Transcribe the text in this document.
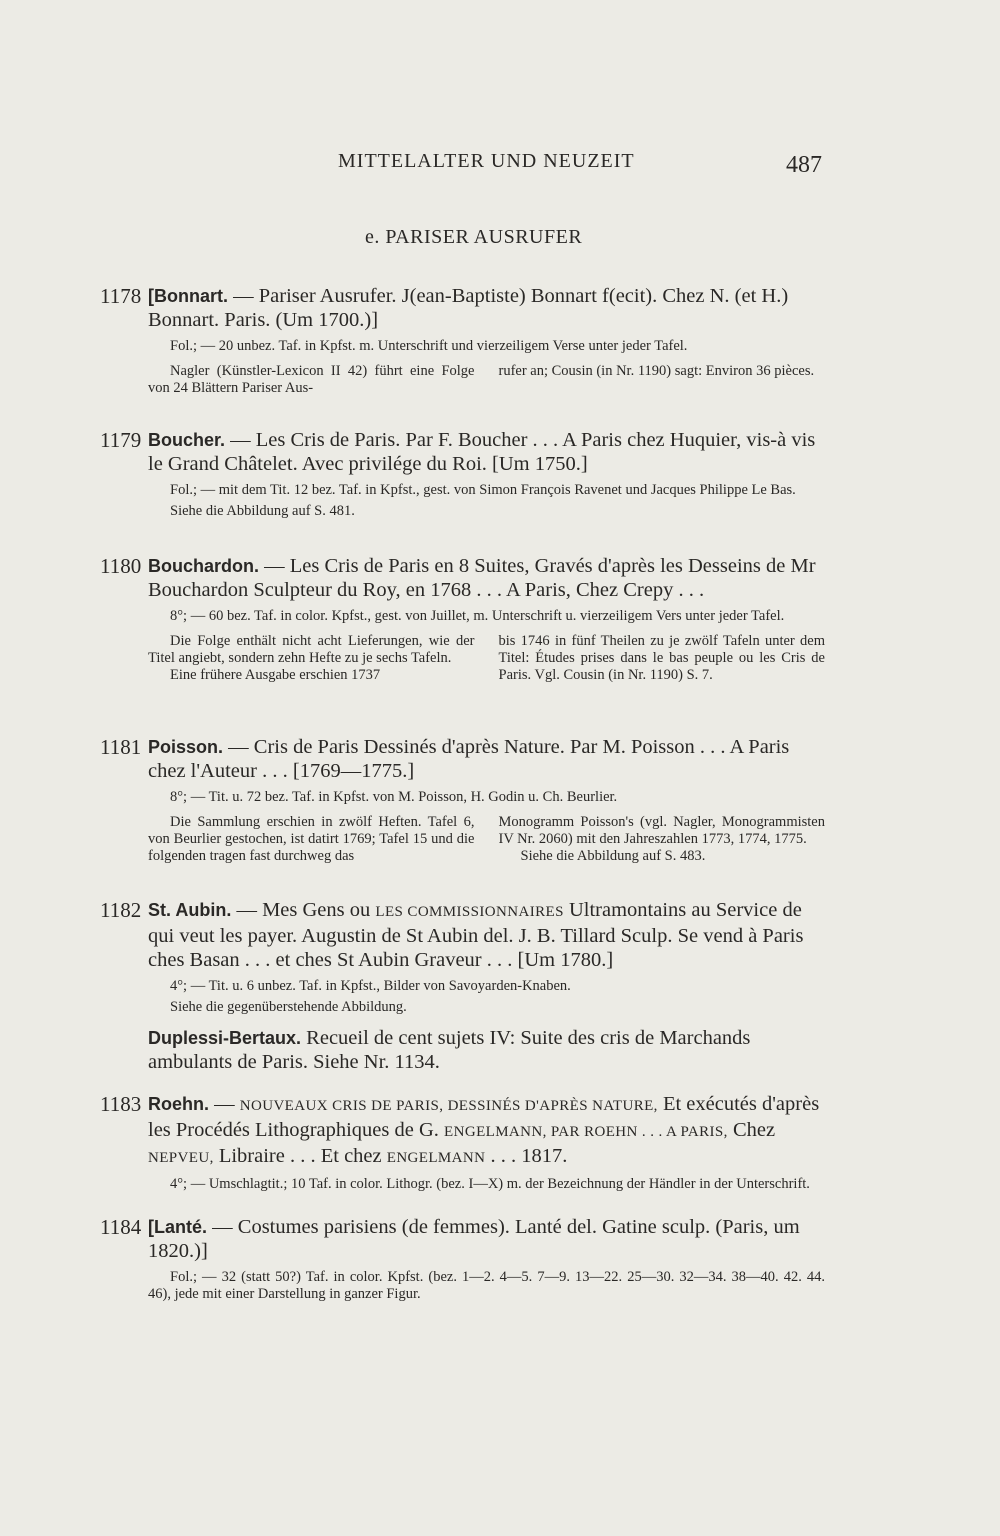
MITTELALTER UND NEUZEIT	487
e. PARISER AUSRUFER
1178 [Bonnart. — Pariser Ausrufer. J(ean-Baptiste) Bonnart f(ecit). Chez N. (et H.) Bonnart. Paris. (Um 1700.)]
Fol.; — 20 unbez. Taf. in Kpfst. m. Unterschrift und vierzeiligem Verse unter jeder Tafel.
Nagler (Künstler-Lexicon II 42) führt eine Folge von 24 Blättern Pariser Aus-
rufer an; Cousin (in Nr. 1190) sagt: Environ 36 pièces.
1179 Boucher. — Les Cris de Paris. Par F. Boucher . . . A Paris chez Huquier, vis-à vis le Grand Châtelet. Avec privilége du Roi. [Um 1750.]
Fol.; — mit dem Tit. 12 bez. Taf. in Kpfst., gest. von Simon François Ravenet und Jacques Philippe Le Bas.
Siehe die Abbildung auf S. 481.
1180 Bouchardon. — Les Cris de Paris en 8 Suites, Gravés d'après les Desseins de Mr Bouchardon Sculpteur du Roy, en 1768 . . . A Paris, Chez Crepy . . .
8°; — 60 bez. Taf. in color. Kpfst., gest. von Juillet, m. Unterschrift u. vierzeiligem Vers unter jeder Tafel.
Die Folge enthält nicht acht Lieferungen, wie der Titel angiebt, sondern zehn Hefte zu je sechs Tafeln.
Eine frühere Ausgabe erschien 1737
bis 1746 in fünf Theilen zu je zwölf Tafeln unter dem Titel: Études prises dans le bas peuple ou les Cris de Paris. Vgl. Cousin (in Nr. 1190) S. 7.
1181 Poisson. — Cris de Paris Dessinés d'après Nature. Par M. Poisson . . . A Paris chez l'Auteur . . . [1769—1775.]
8°; — Tit. u. 72 bez. Taf. in Kpfst. von M. Poisson, H. Godin u. Ch. Beurlier.
Die Sammlung erschien in zwölf Heften. Tafel 6, von Beurlier gestochen, ist datirt 1769; Tafel 15 und die folgenden tragen fast durchweg das
Monogramm Poisson's (vgl. Nagler, Monogrammisten IV Nr. 2060) mit den Jahreszahlen 1773, 1774, 1775.
Siehe die Abbildung auf S. 483.
1182 St. Aubin. — Mes Gens ou LES COMMISSIONNAIRES Ultramontains au Service de qui veut les payer. Augustin de St Aubin del. J. B. Tillard Sculp. Se vend à Paris ches Basan . . . et ches St Aubin Graveur . . . [Um 1780.]
4°; — Tit. u. 6 unbez. Taf. in Kpfst., Bilder von Savoyarden-Knaben.
Siehe die gegenüberstehende Abbildung.
Duplessi-Bertaux. Recueil de cent sujets IV: Suite des cris de Marchands ambulants de Paris. Siehe Nr. 1134.
1183 Roehn. — NOUVEAUX CRIS DE PARIS, DESSINÉS D'APRÈS NATURE, Et exécutés d'après les Procédés Lithographiques de G. ENGELMANN, PAR ROEHN . . . A PARIS, Chez NEPVEU, Libraire . . . Et chez ENGELMANN . . . 1817.
4°; — Umschlagtit.; 10 Taf. in color. Lithogr. (bez. I—X) m. der Bezeichnung der Händler in der Unterschrift.
1184 [Lanté. — Costumes parisiens (de femmes). Lanté del. Gatine sculp. (Paris, um 1820.)]
Fol.; — 32 (statt 50?) Taf. in color. Kpfst. (bez. 1—2. 4—5. 7—9. 13—22. 25—30. 32—34. 38—40. 42. 44. 46), jede mit einer Darstellung in ganzer Figur.
